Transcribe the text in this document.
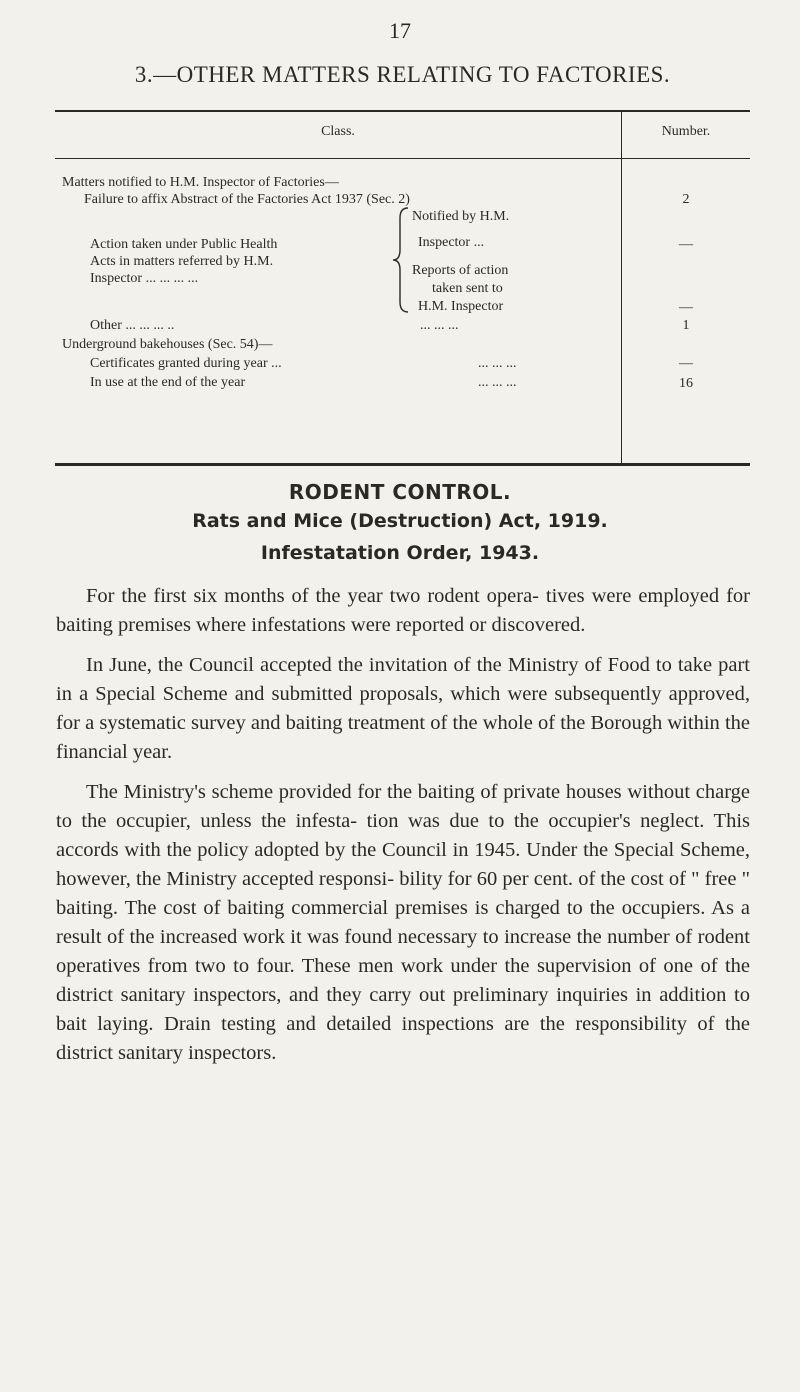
17
3.—OTHER MATTERS RELATING TO FACTORIES.
Class.	Number.
Matters notified to H.M. Inspector of Factories—
Failure to affix Abstract of the Factories Act 1937 (Sec. 2)	2
Action taken under Public Health
Acts in matters referred by H.M.
Inspector ... ... ... ...
Notified by H.M.
Inspector ...	—
Reports of action
taken sent to
H.M. Inspector	—
Other ... ... ... ..	... ... ...	1
Underground bakehouses (Sec. 54)—
Certificates granted during year ...	... ... ...	—
In use at the end of the year	... ... ...	16
RODENT CONTROL.
Rats and Mice (Destruction) Act, 1919.
Infestatation Order, 1943.

For the first six months of the year two rodent opera- tives were employed for baiting premises where infestations were reported or discovered.

In June, the Council accepted the invitation of the Ministry of Food to take part in a Special Scheme and submitted proposals, which were subsequently approved, for a systematic survey and baiting treatment of the whole of the Borough within the financial year.

The Ministry's scheme provided for the baiting of private houses without charge to the occupier, unless the infesta- tion was due to the occupier's neglect. This accords with the policy adopted by the Council in 1945. Under the Special Scheme, however, the Ministry accepted responsi- bility for 60 per cent. of the cost of " free " baiting. The cost of baiting commercial premises is charged to the occupiers. As a result of the increased work it was found necessary to increase the number of rodent operatives from two to four. These men work under the supervision of one of the district sanitary inspectors, and they carry out preliminary inquiries in addition to bait laying. Drain testing and detailed inspections are the responsibility of the district sanitary inspectors.
